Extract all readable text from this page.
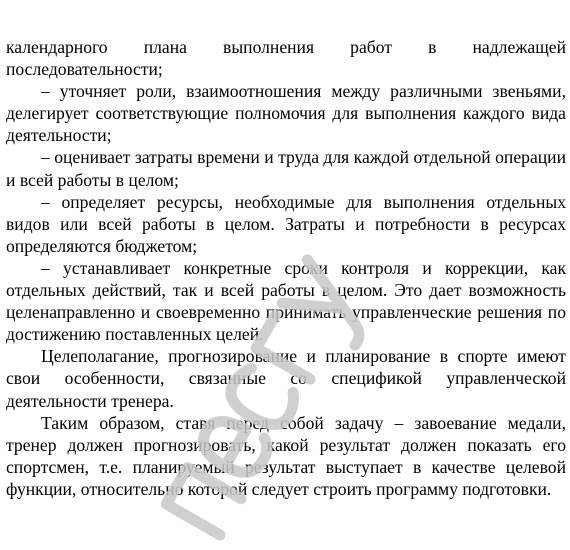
календарного плана выполнения работ в надлежащей последовательности;

– уточняет роли, взаимоотношения между различными звеньями, делегирует соответствующие полномочия для выполнения каждого вида деятельности;

– оценивает затраты времени и труда для каждой отдельной операции и всей работы в целом;

– определяет ресурсы, необходимые для выполнения отдельных видов или всей работы в целом. Затраты и потребности в ресурсах определяются бюджетом;

– устанавливает конкретные сроки контроля и коррекции, как отдельных действий, так и всей работы в целом. Это дает возможность целенаправленно и своевременно принимать управленческие решения по достижению поставленных целей.

Целеполагание, прогнозирование и планирование в спорте имеют свои особенности, связанные со спецификой управленческой деятельности тренера.

Таким образом, ставя перед собой задачу – завоевание медали, тренер должен прогнозировать, какой результат должен показать его спортсмен, т.е. планируемый результат выступает в качестве целевой функции, относительно которой следует строить программу подготовки.
